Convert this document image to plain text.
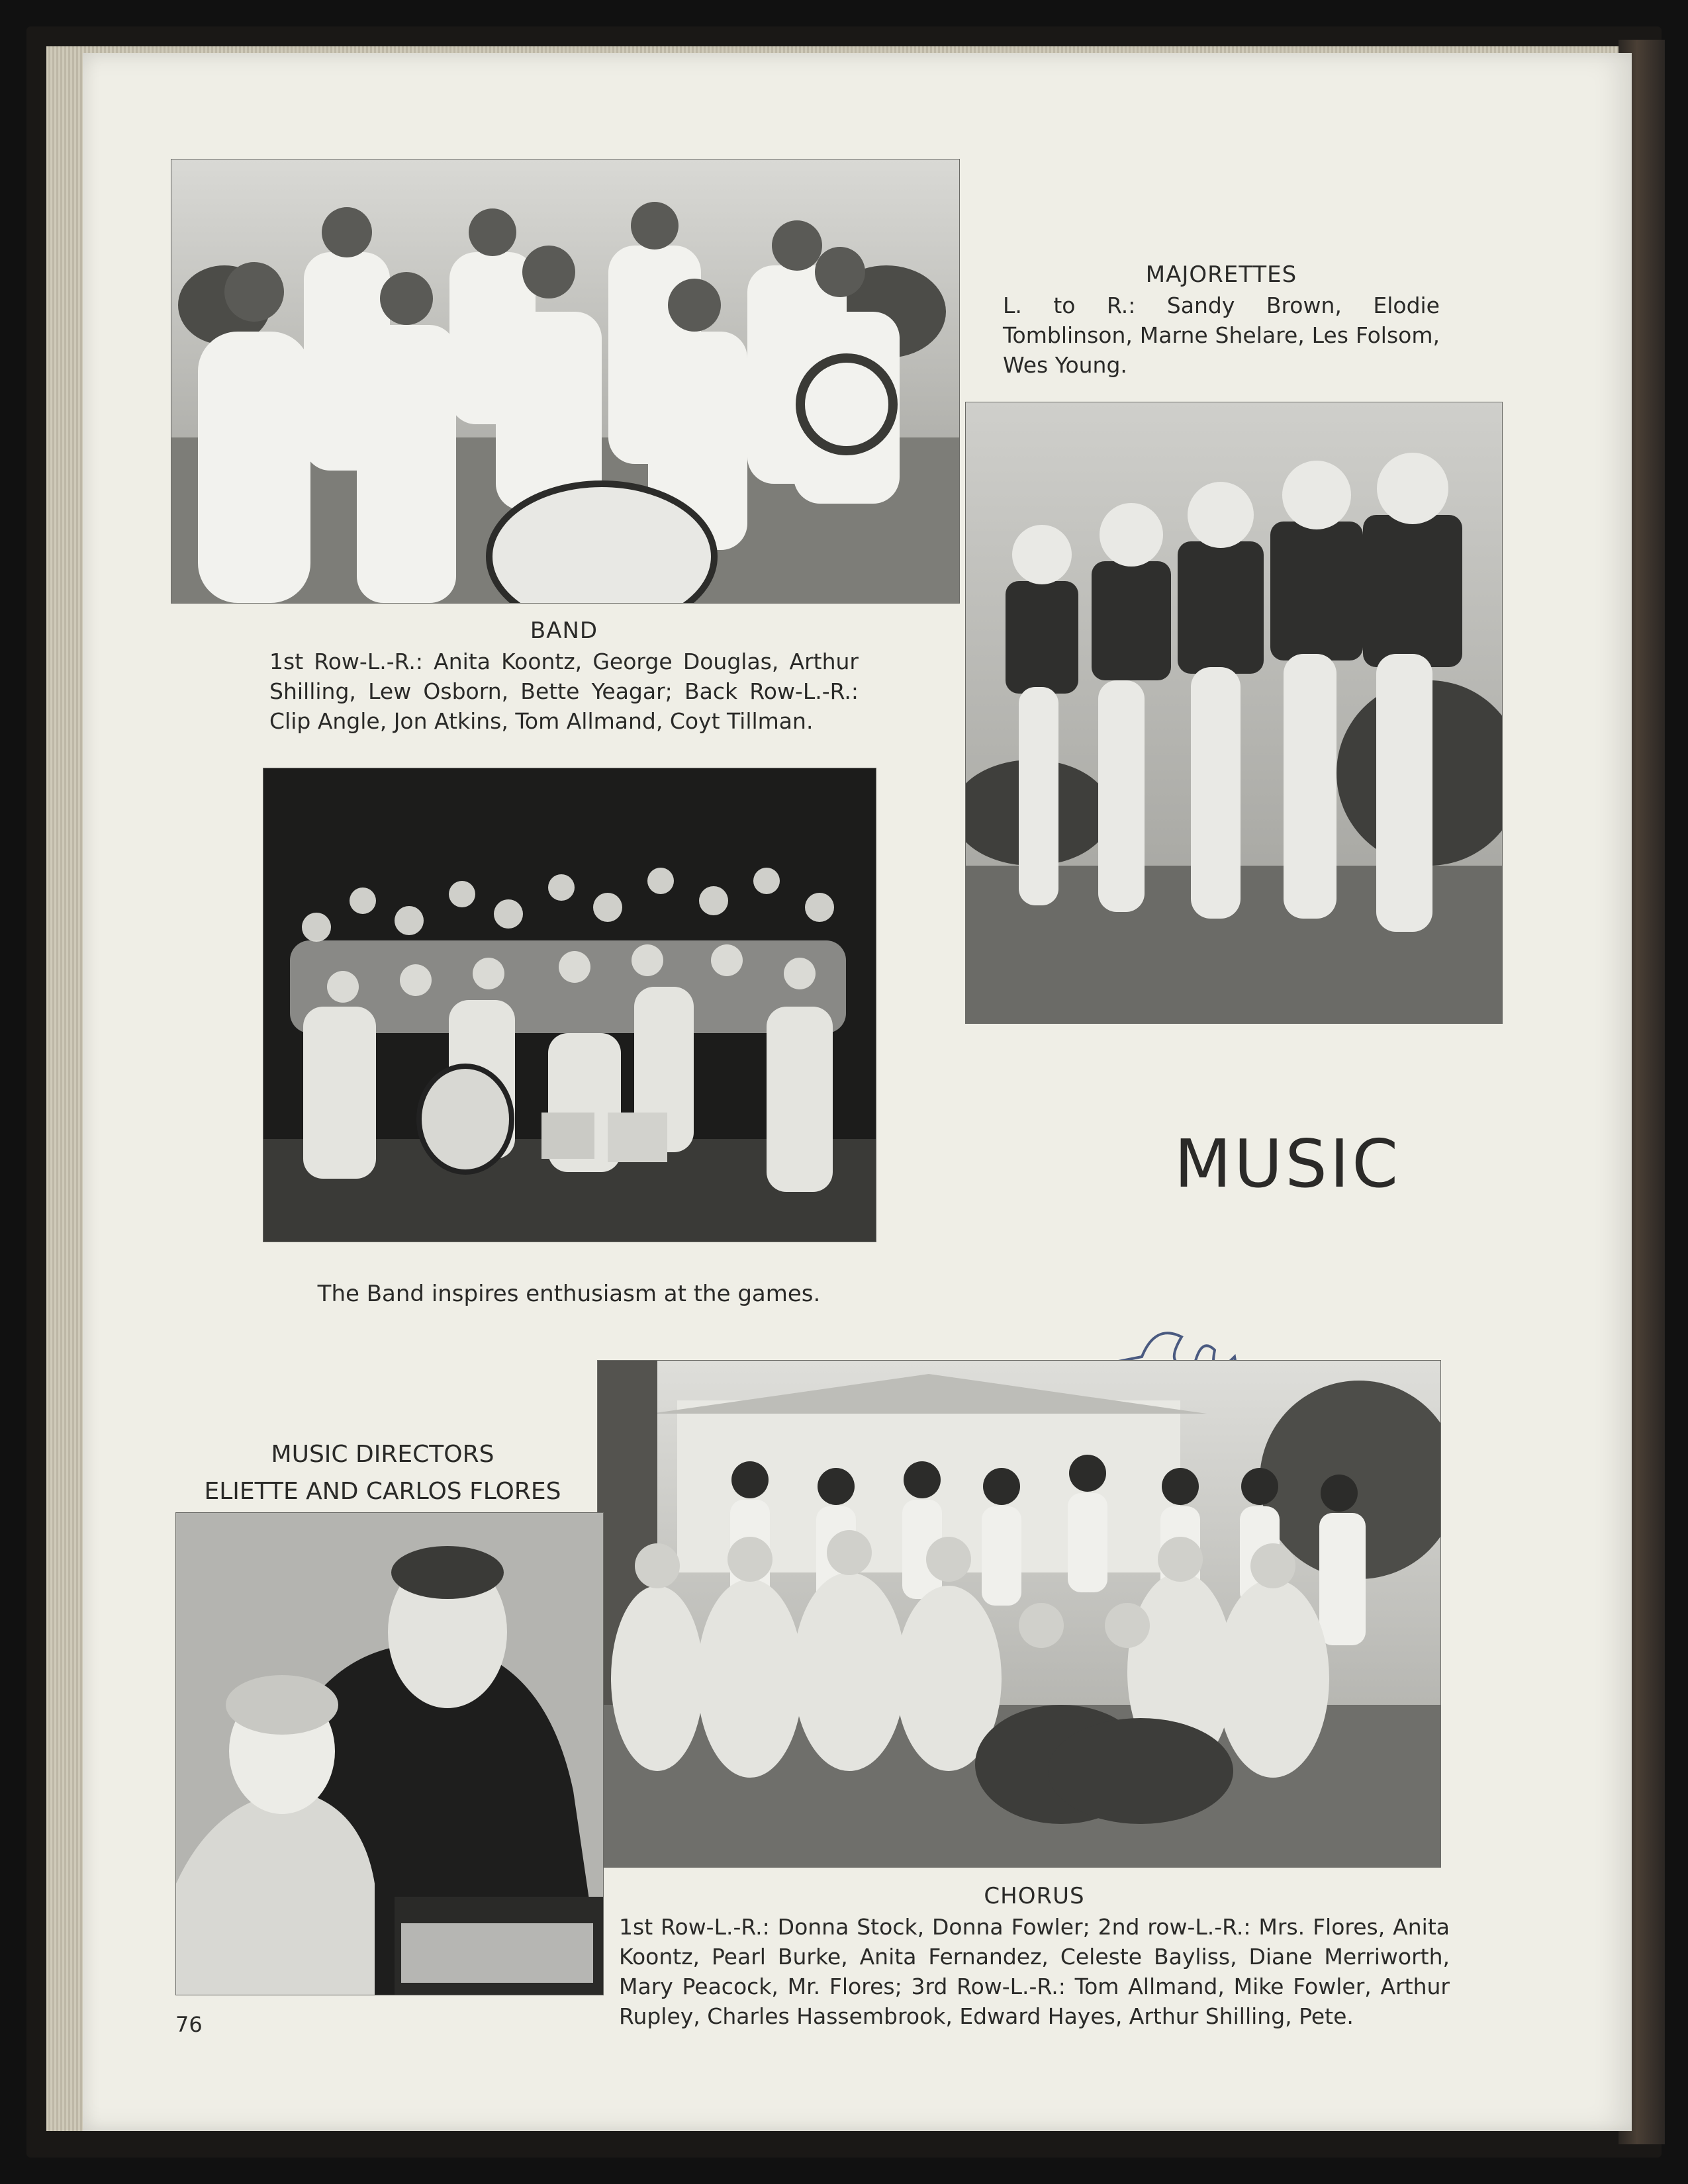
MAJORETTES
L. to R.: Sandy Brown, Elodie Tomblinson, Marne Shelare, Les Folsom, Wes Young.
BAND
1st Row-L.-R.: Anita Koontz, George Douglas, Arthur Shilling, Lew Osborn, Bette Yeagar; Back Row-L.-R.: Clip Angle, Jon Atkins, Tom Allmand, Coyt Tillman.
The Band inspires enthusiasm at the games.
MUSIC
MUSIC DIRECTORS
ELIETTE AND CARLOS FLORES
CHORUS
1st Row-L.-R.: Donna Stock, Donna Fowler; 2nd row-L.-R.: Mrs. Flores, Anita Koontz, Pearl Burke, Anita Fernandez, Celeste Bayliss, Diane Merriworth, Mary Peacock, Mr. Flores; 3rd Row-L.-R.: Tom Allmand, Mike Fowler, Arthur Rupley, Charles Hassembrook, Edward Hayes, Arthur Shilling, Pete.
76
